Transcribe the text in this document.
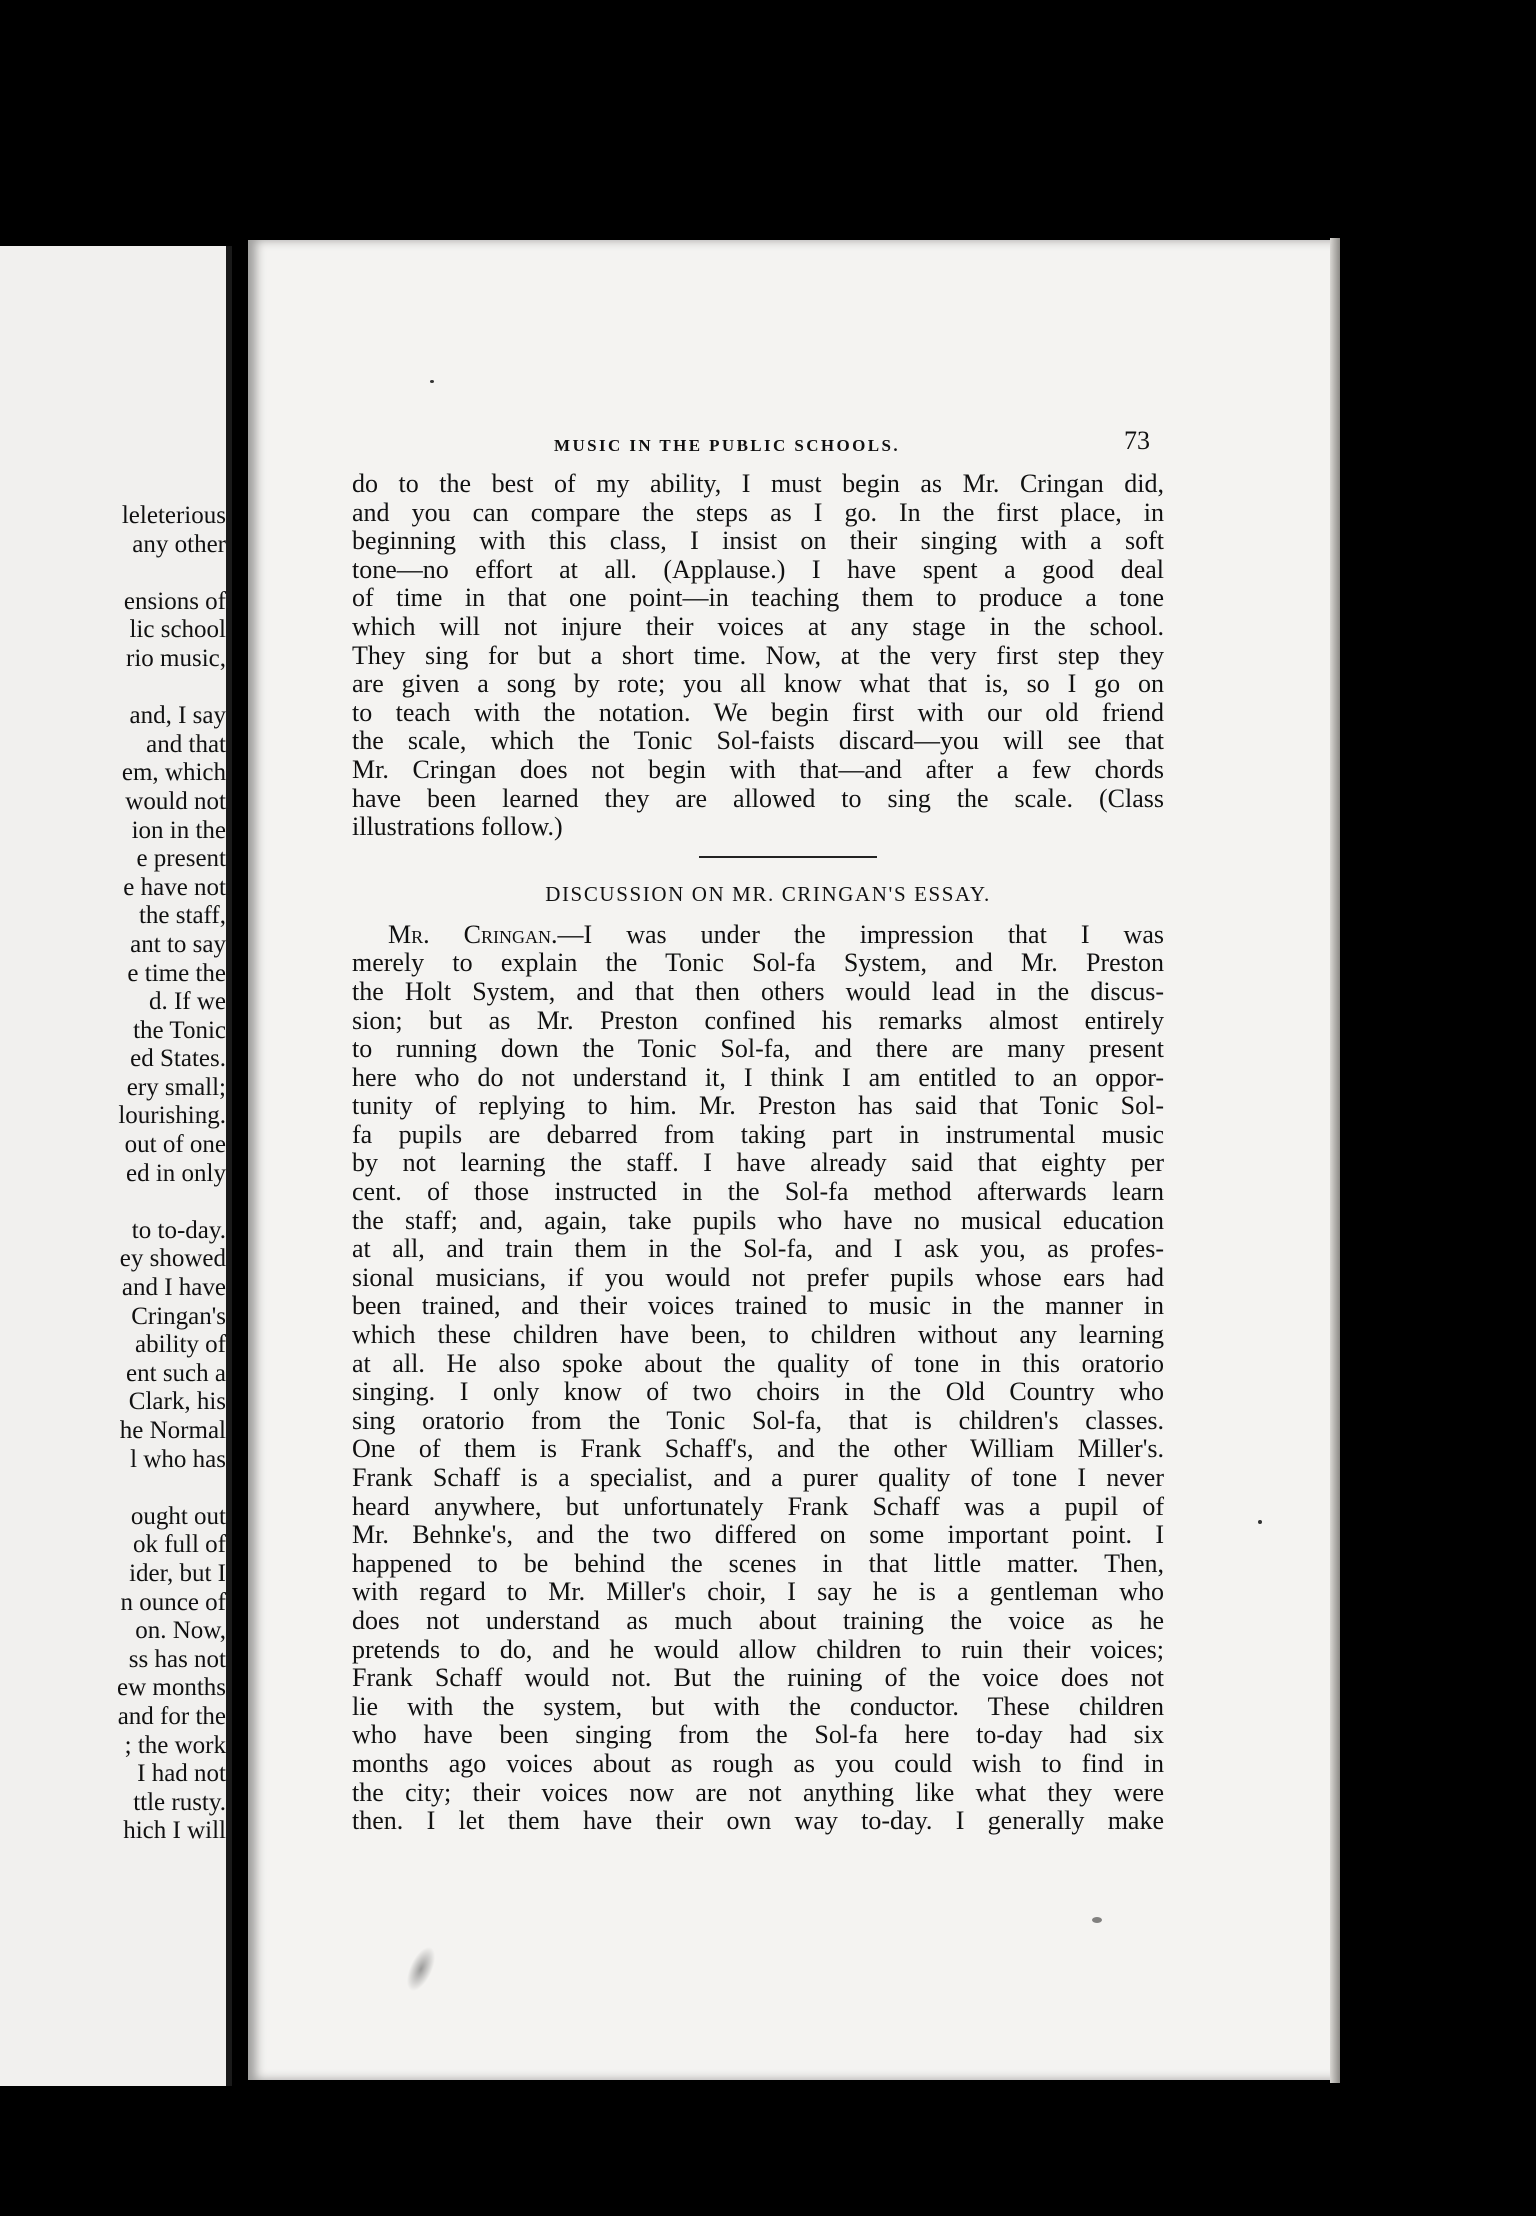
leleterious
any other
ensions of
lic school
rio music,
and, I say
and that
em, which
would not
ion in the
e present
e have not
the staff,
ant to say
e time the
d. If we
the Tonic
ed States.
ery small;
lourishing.
out of one
ed in only
to to-day.
ey showed
and I have
Cringan's
ability of
ent such a
Clark, his
he Normal
l who has
ought out
ok full of
ider, but I
n ounce of
on. Now,
ss has not
ew months
and for the
; the work
I had not
ttle rusty.
hich I will
MUSIC IN THE PUBLIC SCHOOLS.	73

do to the best of my ability, I must begin as Mr. Cringan did,
and you can compare the steps as I go. In the first place, in
beginning with this class, I insist on their singing with a soft
tone—no effort at all. (Applause.) I have spent a good deal
of time in that one point—in teaching them to produce a tone
which will not injure their voices at any stage in the school.
They sing for but a short time. Now, at the very first step they
are given a song by rote; you all know what that is, so I go on
to teach with the notation. We begin first with our old friend
the scale, which the Tonic Sol-faists discard—you will see that
Mr. Cringan does not begin with that—and after a few chords
have been learned they are allowed to sing the scale. (Class
illustrations follow.)

DISCUSSION ON MR. CRINGAN'S ESSAY.

Mr. Cringan.—I was under the impression that I was
merely to explain the Tonic Sol-fa System, and Mr. Preston
the Holt System, and that then others would lead in the discus-
sion; but as Mr. Preston confined his remarks almost entirely
to running down the Tonic Sol-fa, and there are many present
here who do not understand it, I think I am entitled to an oppor-
tunity of replying to him. Mr. Preston has said that Tonic Sol-
fa pupils are debarred from taking part in instrumental music
by not learning the staff. I have already said that eighty per
cent. of those instructed in the Sol-fa method afterwards learn
the staff; and, again, take pupils who have no musical education
at all, and train them in the Sol-fa, and I ask you, as profes-
sional musicians, if you would not prefer pupils whose ears had
been trained, and their voices trained to music in the manner in
which these children have been, to children without any learning
at all. He also spoke about the quality of tone in this oratorio
singing. I only know of two choirs in the Old Country who
sing oratorio from the Tonic Sol-fa, that is children's classes.
One of them is Frank Schaff's, and the other William Miller's.
Frank Schaff is a specialist, and a purer quality of tone I never
heard anywhere, but unfortunately Frank Schaff was a pupil of
Mr. Behnke's, and the two differed on some important point. I
happened to be behind the scenes in that little matter. Then,
with regard to Mr. Miller's choir, I say he is a gentleman who
does not understand as much about training the voice as he
pretends to do, and he would allow children to ruin their voices;
Frank Schaff would not. But the ruining of the voice does not
lie with the system, but with the conductor. These children
who have been singing from the Sol-fa here to-day had six
months ago voices about as rough as you could wish to find in
the city; their voices now are not anything like what they were
then. I let them have their own way to-day. I generally make
